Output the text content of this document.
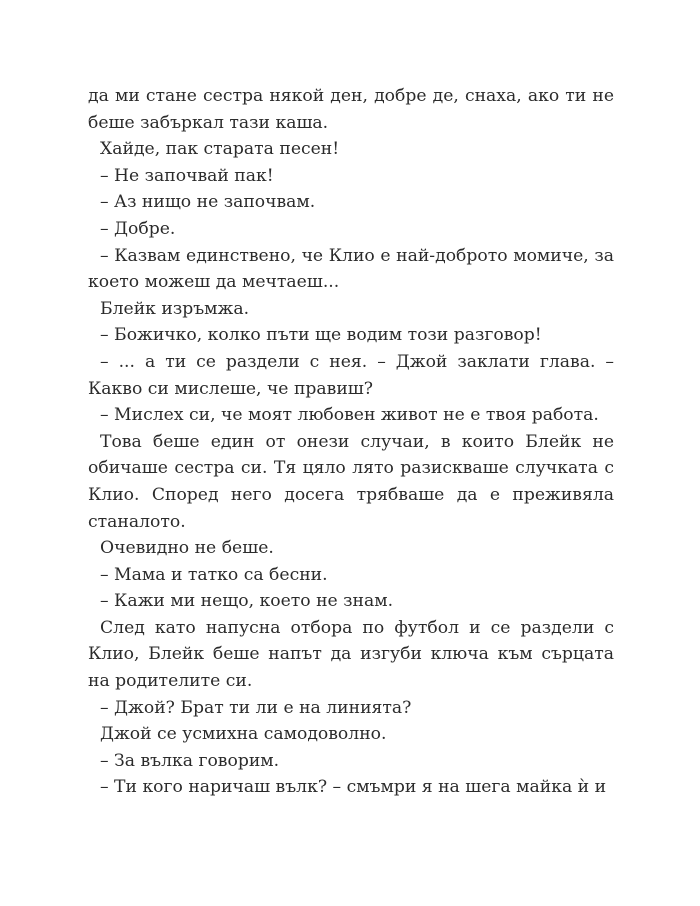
да ми стане сестра някой ден, добре де, снаха, ако ти не беше забъркал тази каша.

Хайде, пак старата песен!

– Не започвай пак!

– Аз нищо не започвам.

– Добре.

– Казвам единствено, че Клио е най-доброто момиче, за което можеш да мечтаеш...

Блейк изръмжа.

– Божичко, колко пъти ще водим този разговор!

– ... а ти се раздели с нея. – Джой заклати глава. – Какво си мислеше, че правиш?

– Мислех си, че моят любовен живот не е твоя работа.

Това беше един от онези случаи, в които Блейк не обичаше сестра си. Тя цяло лято разискваше случката с Клио. Според него досега трябваше да е преживяла станалото.

Очевидно не беше.

– Мама и татко са бесни.

– Кажи ми нещо, което не знам.

След като напусна отбора по футбол и се раздели с Клио, Блейк беше напът да изгуби ключа към сърцата на родителите си.

– Джой? Брат ти ли е на линията?

Джой се усмихна самодоволно.

– За вълка говорим.

– Ти кого наричаш вълк? – смъмри я на шега майка ѝ и
